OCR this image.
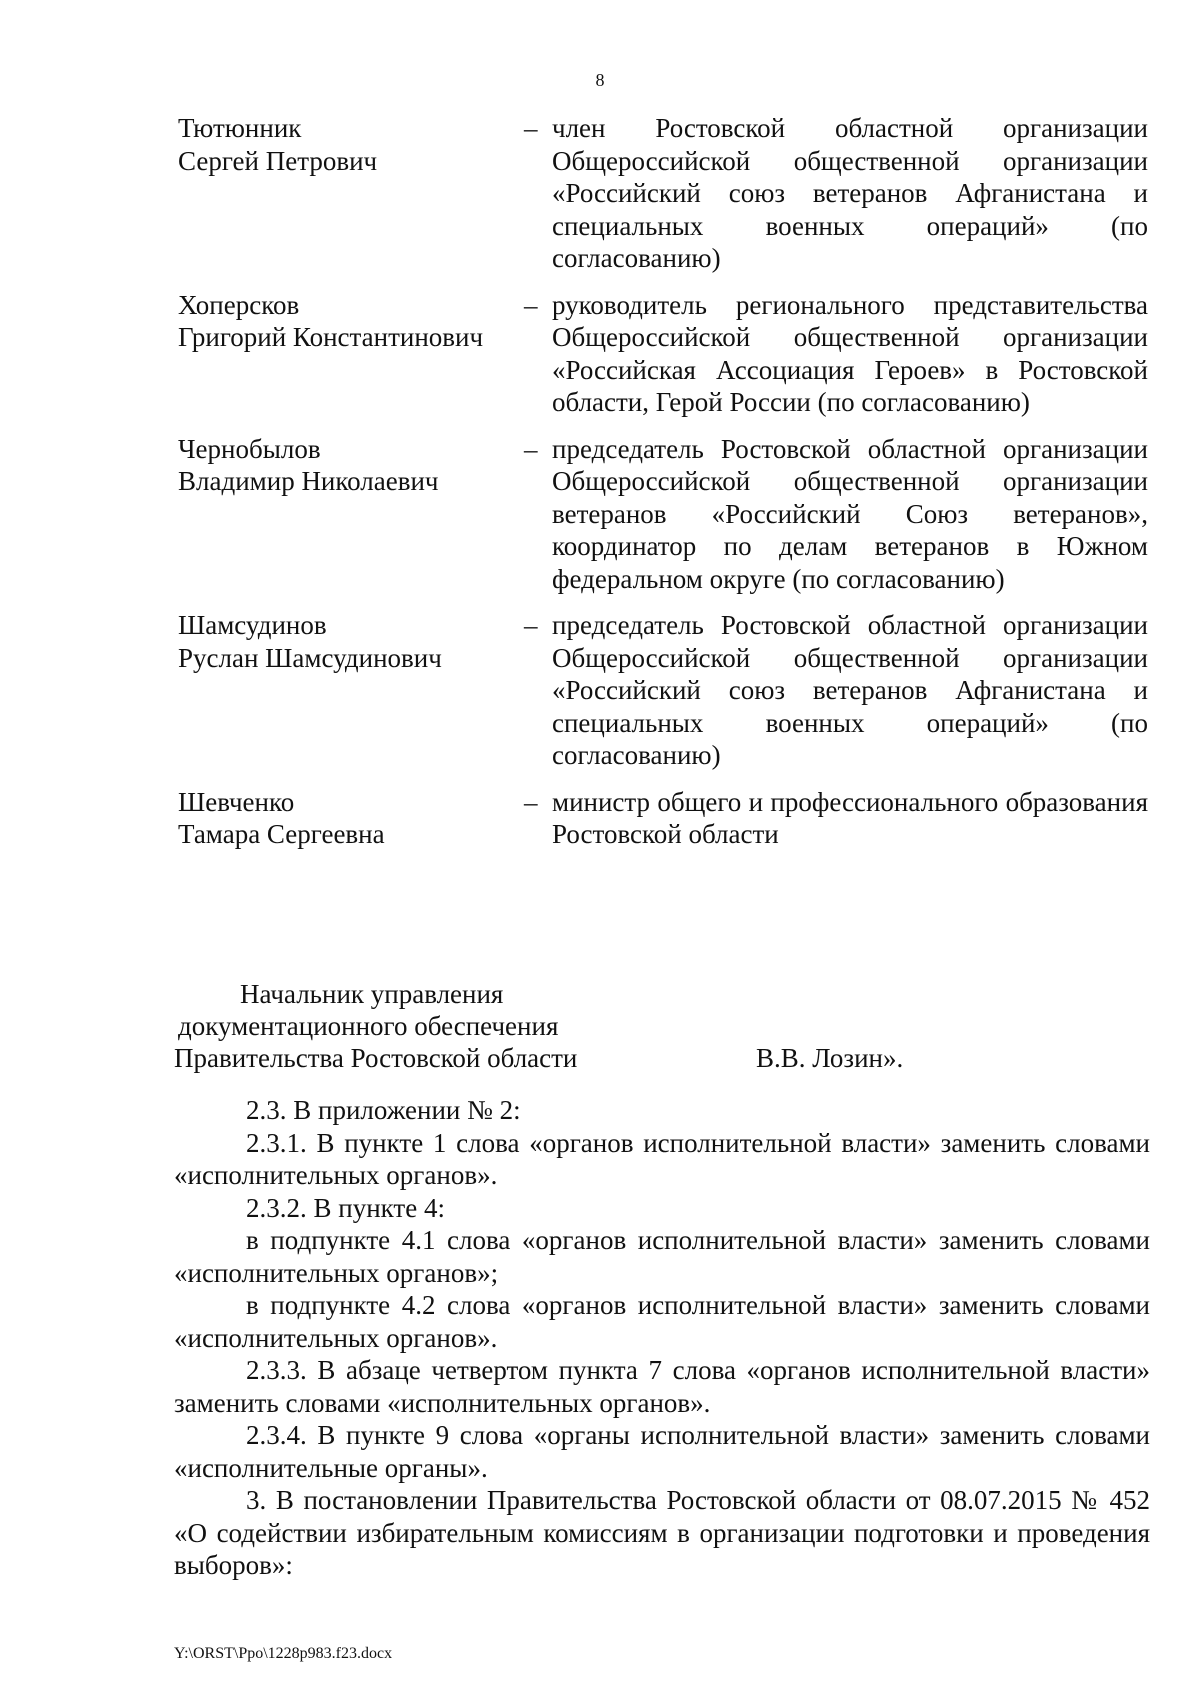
8
Тютюнник
Сергей Петрович
– член Ростовской областной организации Общероссийской общественной организации «Российский союз ветеранов Афганистана и специальных военных операций» (по согласованию)
Хоперсков
Григорий Константинович
– руководитель регионального представительства Общероссийской общественной организации «Российская Ассоциация Героев» в Ростовской области, Герой России (по согласованию)
Чернобылов
Владимир Николаевич
– председатель Ростовской областной организации Общероссийской общественной организации ветеранов «Российский Союз ветеранов», координатор по делам ветеранов в Южном федеральном округе (по согласованию)
Шамсудинов
Руслан Шамсудинович
– председатель Ростовской областной организации Общероссийской общественной организации «Российский союз ветеранов Афганистана и специальных военных операций» (по согласованию)
Шевченко
Тамара Сергеевна
– министр общего и профессионального образования Ростовской области
Начальник управления
документационного обеспечения
Правительства Ростовской области	В.В. Лозин».

2.3. В приложении № 2:

2.3.1. В пункте 1 слова «органов исполнительной власти» заменить словами «исполнительных органов».

2.3.2. В пункте 4:

в подпункте 4.1 слова «органов исполнительной власти» заменить словами «исполнительных органов»;

в подпункте 4.2 слова «органов исполнительной власти» заменить словами «исполнительных органов».

2.3.3. В абзаце четвертом пункта 7 слова «органов исполнительной власти» заменить словами «исполнительных органов».

2.3.4. В пункте 9 слова «органы исполнительной власти» заменить словами «исполнительные органы».

3. В постановлении Правительства Ростовской области от 08.07.2015 № 452 «О содействии избирательным комиссиям в организации подготовки и проведения выборов»:

Y:\ORST\Ppo\1228p983.f23.docx
